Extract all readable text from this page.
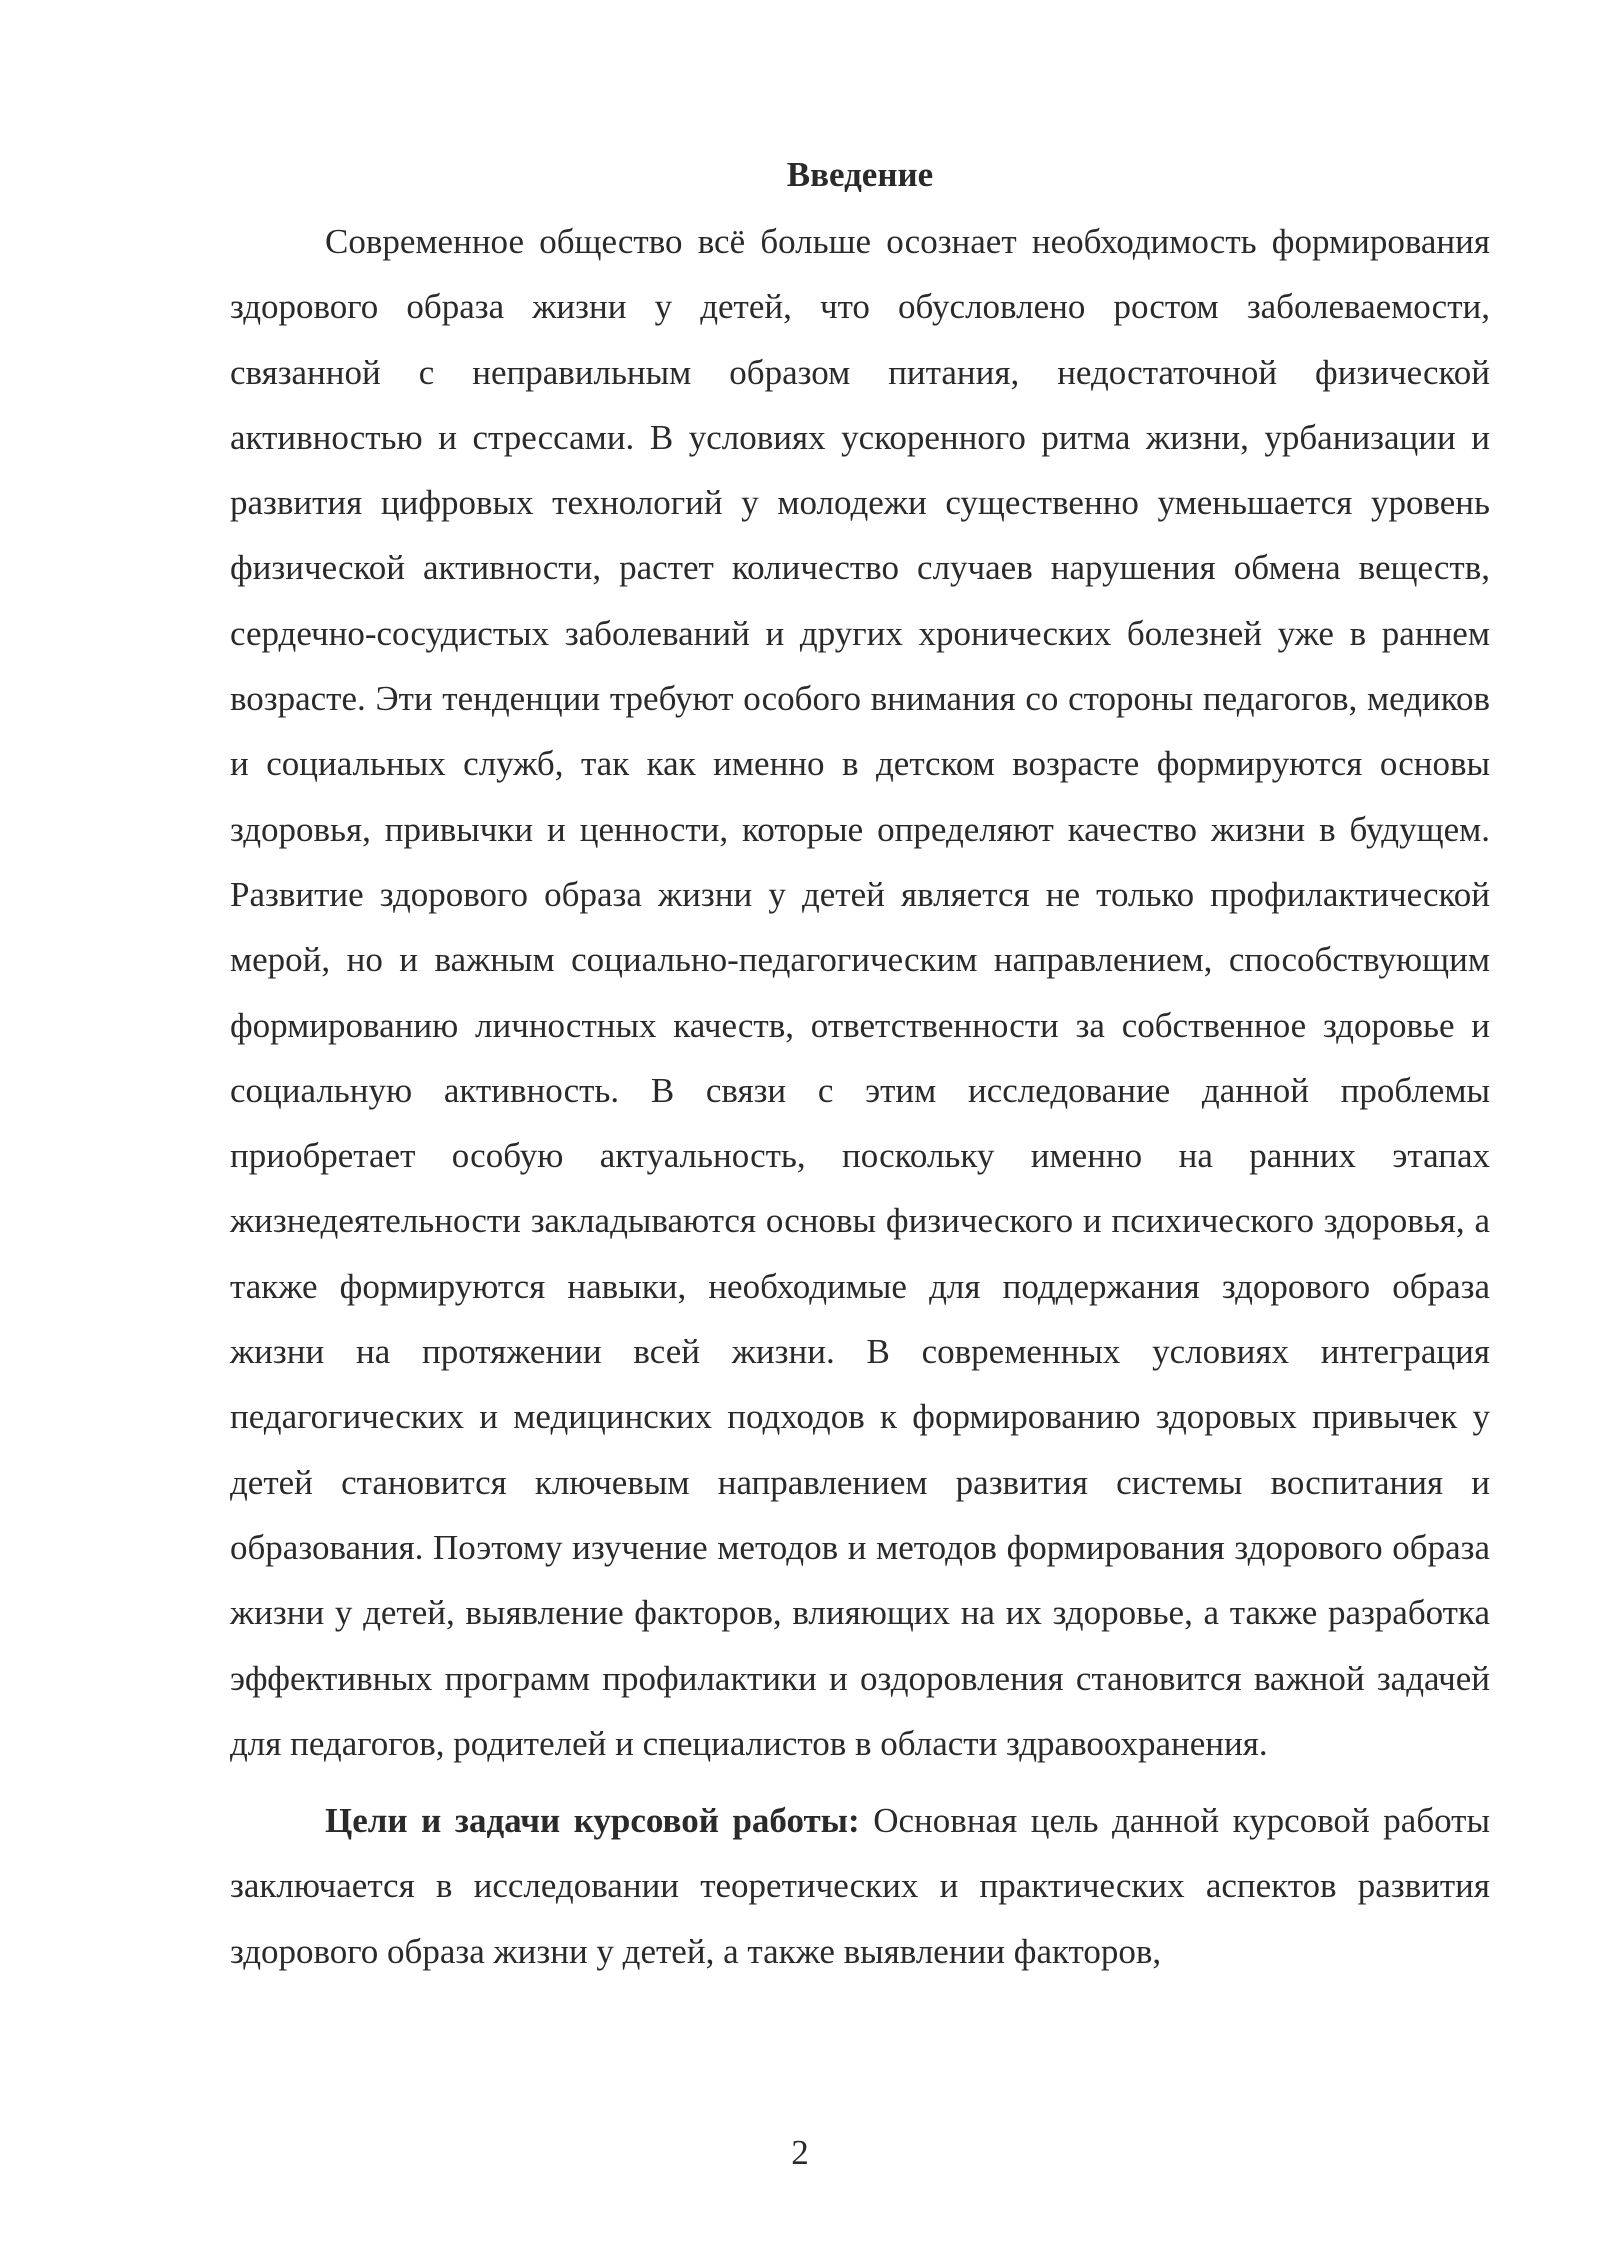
Введение

Современное общество всё больше осознает необходимость формирования здорового образа жизни у детей, что обусловлено ростом заболеваемости, связанной с неправильным образом питания, недостаточной физической активностью и стрессами. В условиях ускоренного ритма жизни, урбанизации и развития цифровых технологий у молодежи существенно уменьшается уровень физической активности, растет количество случаев нарушения обмена веществ, сердечно-сосудистых заболеваний и других хронических болезней уже в раннем возрасте. Эти тенденции требуют особого внимания со стороны педагогов, медиков и социальных служб, так как именно в детском возрасте формируются основы здоровья, привычки и ценности, которые определяют качество жизни в будущем. Развитие здорового образа жизни у детей является не только профилактической мерой, но и важным социально-педагогическим направлением, способствующим формированию личностных качеств, ответственности за собственное здоровье и социальную активность. В связи с этим исследование данной проблемы приобретает особую актуальность, поскольку именно на ранних этапах жизнедеятельности закладываются основы физического и психического здоровья, а также формируются навыки, необходимые для поддержания здорового образа жизни на протяжении всей жизни. В современных условиях интеграция педагогических и медицинских подходов к формированию здоровых привычек у детей становится ключевым направлением развития системы воспитания и образования. Поэтому изучение методов и методов формирования здорового образа жизни у детей, выявление факторов, влияющих на их здоровье, а также разработка эффективных программ профилактики и оздоровления становится важной задачей для педагогов, родителей и специалистов в области здравоохранения.

Цели и задачи курсовой работы: Основная цель данной курсовой работы заключается в исследовании теоретических и практических аспектов развития здорового образа жизни у детей, а также выявлении факторов,

2
